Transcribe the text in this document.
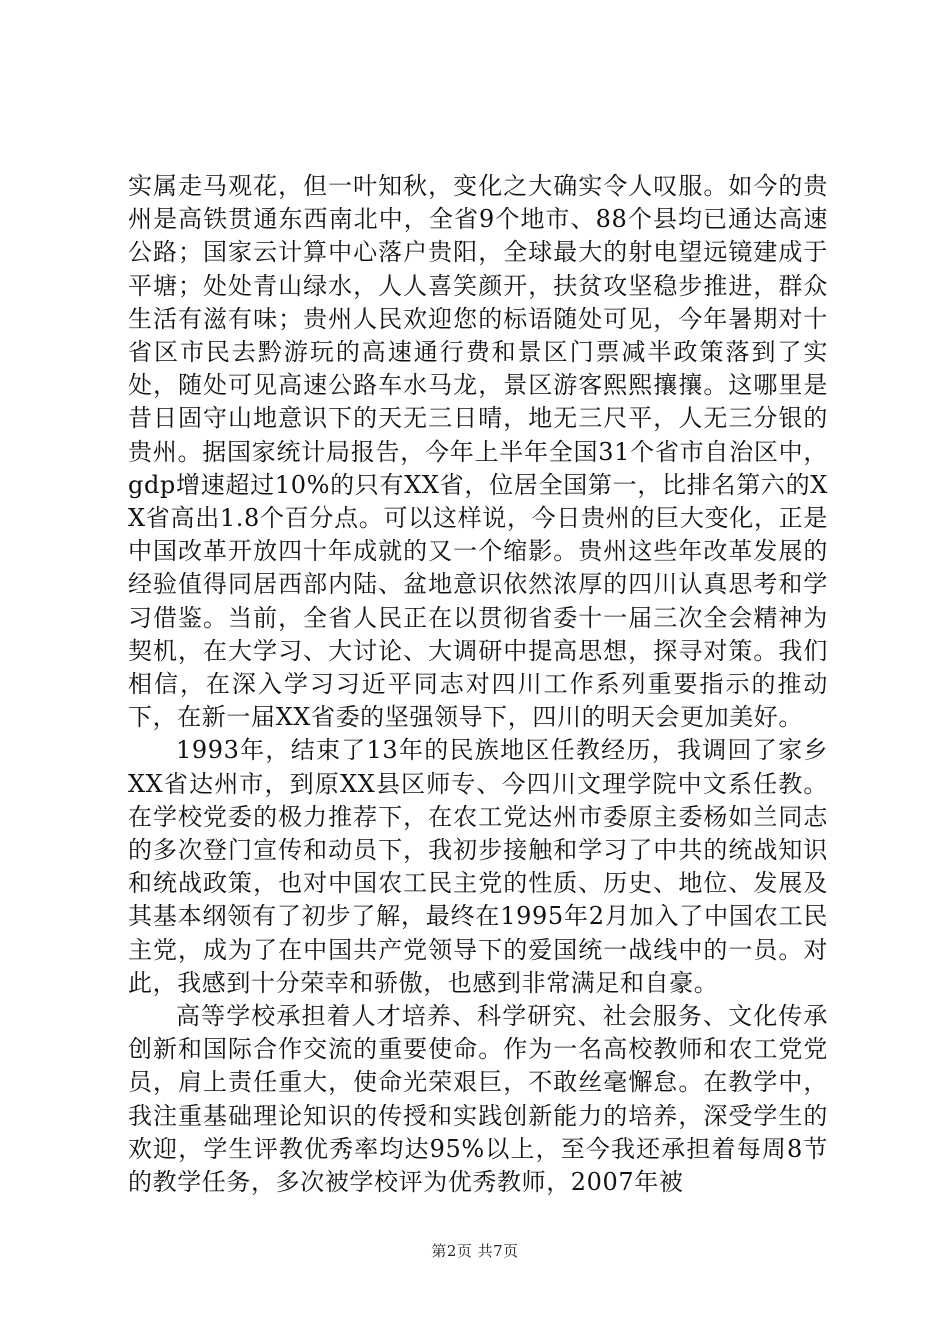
实属走马观花，但一叶知秋，变化之大确实令人叹服。如今的贵州是高铁贯通东西南北中，全省9个地市、88个县均已通达高速公路；国家云计算中心落户贵阳，全球最大的射电望远镜建成于平塘；处处青山绿水，人人喜笑颜开，扶贫攻坚稳步推进，群众生活有滋有味；贵州人民欢迎您的标语随处可见，今年暑期对十省区市民去黔游玩的高速通行费和景区门票减半政策落到了实处，随处可见高速公路车水马龙，景区游客熙熙攘攘。这哪里是昔日固守山地意识下的天无三日晴，地无三尺平，人无三分银的贵州。据国家统计局报告，今年上半年全国31个省市自治区中，gdp增速超过10%的只有XX省，位居全国第一，比排名第六的XX省高出1.8个百分点。可以这样说，今日贵州的巨大变化，正是中国改革开放四十年成就的又一个缩影。贵州这些年改革发展的经验值得同居西部内陆、盆地意识依然浓厚的四川认真思考和学习借鉴。当前，全省人民正在以贯彻省委十一届三次全会精神为契机，在大学习、大讨论、大调研中提高思想，探寻对策。我们相信，在深入学习习近平同志对四川工作系列重要指示的推动下，在新一届XX省委的坚强领导下，四川的明天会更加美好。

1993年，结束了13年的民族地区任教经历，我调回了家乡XX省达州市，到原XX县区师专、今四川文理学院中文系任教。在学校党委的极力推荐下，在农工党达州市委原主委杨如兰同志的多次登门宣传和动员下，我初步接触和学习了中共的统战知识和统战政策，也对中国农工民主党的性质、历史、地位、发展及其基本纲领有了初步了解，最终在1995年2月加入了中国农工民主党，成为了在中国共产党领导下的爱国统一战线中的一员。对此，我感到十分荣幸和骄傲，也感到非常满足和自豪。

高等学校承担着人才培养、科学研究、社会服务、文化传承创新和国际合作交流的重要使命。作为一名高校教师和农工党党员，肩上责任重大，使命光荣艰巨，不敢丝毫懈怠。在教学中，我注重基础理论知识的传授和实践创新能力的培养，深受学生的欢迎，学生评教优秀率均达95%以上，至今我还承担着每周8节的教学任务，多次被学校评为优秀教师，2007年被

第2页 共7页
